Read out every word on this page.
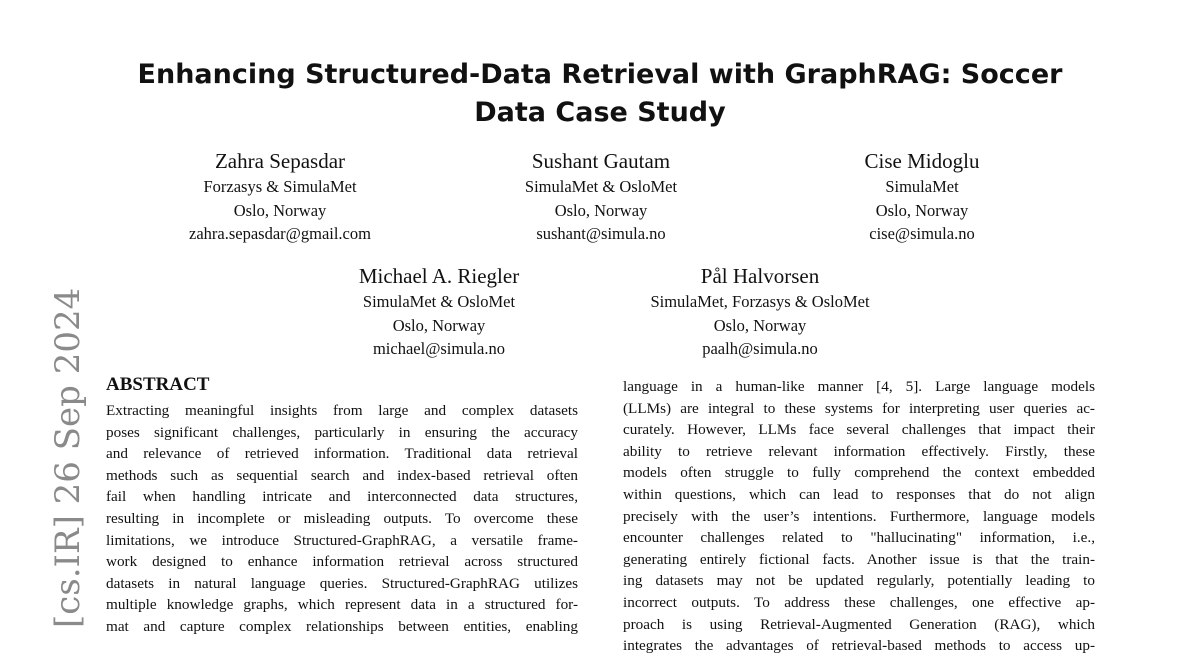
Enhancing Structured-Data Retrieval with GraphRAG: Soccer
Data Case Study
Zahra Sepasdar
Forzasys & SimulaMet
Oslo, Norway
zahra.sepasdar@gmail.com
Sushant Gautam
SimulaMet & OsloMet
Oslo, Norway
sushant@simula.no
Cise Midoglu
SimulaMet
Oslo, Norway
cise@simula.no
Michael A. Riegler
SimulaMet & OsloMet
Oslo, Norway
michael@simula.no
Pål Halvorsen
SimulaMet, Forzasys & OsloMet
Oslo, Norway
paalh@simula.no
[cs.IR] 26 Sep 2024 ABSTRACT

Extracting meaningful insights from large and complex datasets
poses significant challenges, particularly in ensuring the accuracy
and relevance of retrieved information. Traditional data retrieval
methods such as sequential search and index-based retrieval often
fail when handling intricate and interconnected data structures,
resulting in incomplete or misleading outputs. To overcome these
limitations, we introduce Structured-GraphRAG, a versatile frame-
work designed to enhance information retrieval across structured
datasets in natural language queries. Structured-GraphRAG utilizes
multiple knowledge graphs, which represent data in a structured for-
mat and capture complex relationships between entities, enabling

language in a human-like manner [4, 5]. Large language models
(LLMs) are integral to these systems for interpreting user queries ac-
curately. However, LLMs face several challenges that impact their
ability to retrieve relevant information effectively. Firstly, these
models often struggle to fully comprehend the context embedded
within questions, which can lead to responses that do not align
precisely with the user’s intentions. Furthermore, language models
encounter challenges related to "hallucinating" information, i.e.,
generating entirely fictional facts. Another issue is that the train-
ing datasets may not be updated regularly, potentially leading to
incorrect outputs. To address these challenges, one effective ap-
proach is using Retrieval-Augmented Generation (RAG), which
integrates the advantages of retrieval-based methods to access up-
